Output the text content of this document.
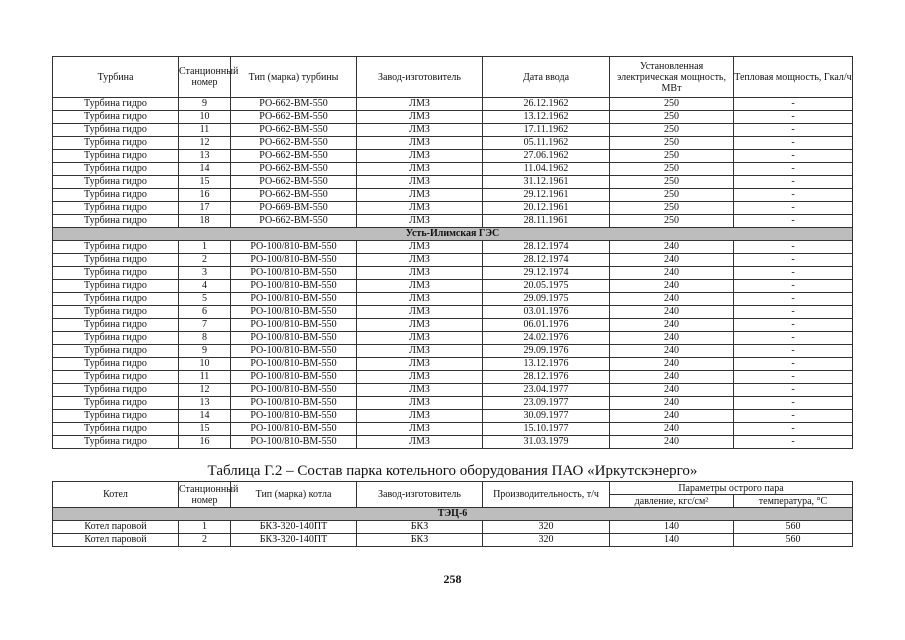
Турбина	Станционный номер	Тип (марка) турбины	Завод-изготовитель	Дата ввода	Установленная электрическая мощность, МВт	Тепловая мощность, Гкал/ч
Турбина гидро	9	РО-662-ВМ-550	ЛМЗ	26.12.1962	250	-
Турбина гидро	10	РО-662-ВМ-550	ЛМЗ	13.12.1962	250	-
Турбина гидро	11	РО-662-ВМ-550	ЛМЗ	17.11.1962	250	-
Турбина гидро	12	РО-662-ВМ-550	ЛМЗ	05.11.1962	250	-
Турбина гидро	13	РО-662-ВМ-550	ЛМЗ	27.06.1962	250	-
Турбина гидро	14	РО-662-ВМ-550	ЛМЗ	11.04.1962	250	-
Турбина гидро	15	РО-662-ВМ-550	ЛМЗ	31.12.1961	250	-
Турбина гидро	16	РО-662-ВМ-550	ЛМЗ	29.12.1961	250	-
Турбина гидро	17	РО-669-ВМ-550	ЛМЗ	20.12.1961	250	-
Турбина гидро	18	РО-662-ВМ-550	ЛМЗ	28.11.1961	250	-
Усть-Илимская ГЭС						
Турбина гидро	1	РО-100/810-ВМ-550	ЛМЗ	28.12.1974	240	-
Турбина гидро	2	РО-100/810-ВМ-550	ЛМЗ	28.12.1974	240	-
Турбина гидро	3	РО-100/810-ВМ-550	ЛМЗ	29.12.1974	240	-
Турбина гидро	4	РО-100/810-ВМ-550	ЛМЗ	20.05.1975	240	-
Турбина гидро	5	РО-100/810-ВМ-550	ЛМЗ	29.09.1975	240	-
Турбина гидро	6	РО-100/810-ВМ-550	ЛМЗ	03.01.1976	240	-
Турбина гидро	7	РО-100/810-ВМ-550	ЛМЗ	06.01.1976	240	-
Турбина гидро	8	РО-100/810-ВМ-550	ЛМЗ	24.02.1976	240	-
Турбина гидро	9	РО-100/810-ВМ-550	ЛМЗ	29.09.1976	240	-
Турбина гидро	10	РО-100/810-ВМ-550	ЛМЗ	13.12.1976	240	-
Турбина гидро	11	РО-100/810-ВМ-550	ЛМЗ	28.12.1976	240	-
Турбина гидро	12	РО-100/810-ВМ-550	ЛМЗ	23.04.1977	240	-
Турбина гидро	13	РО-100/810-ВМ-550	ЛМЗ	23.09.1977	240	-
Турбина гидро	14	РО-100/810-ВМ-550	ЛМЗ	30.09.1977	240	-
Турбина гидро	15	РО-100/810-ВМ-550	ЛМЗ	15.10.1977	240	-
Турбина гидро	16	РО-100/810-ВМ-550	ЛМЗ	31.03.1979	240	-
Таблица Г.2 – Состав парка котельного оборудования ПАО «Иркутскэнерго»
Котел	Станционный номер	Тип (марка) котла	Завод-изготовитель	Производительность, т/ч	Параметры острого пара	
					давление, кгс/см²	температура, °С
ТЭЦ-6						
Котел паровой	1	БКЗ-320-140ПТ	БКЗ	320	140	560
Котел паровой	2	БКЗ-320-140ПТ	БКЗ	320	140	560
258
